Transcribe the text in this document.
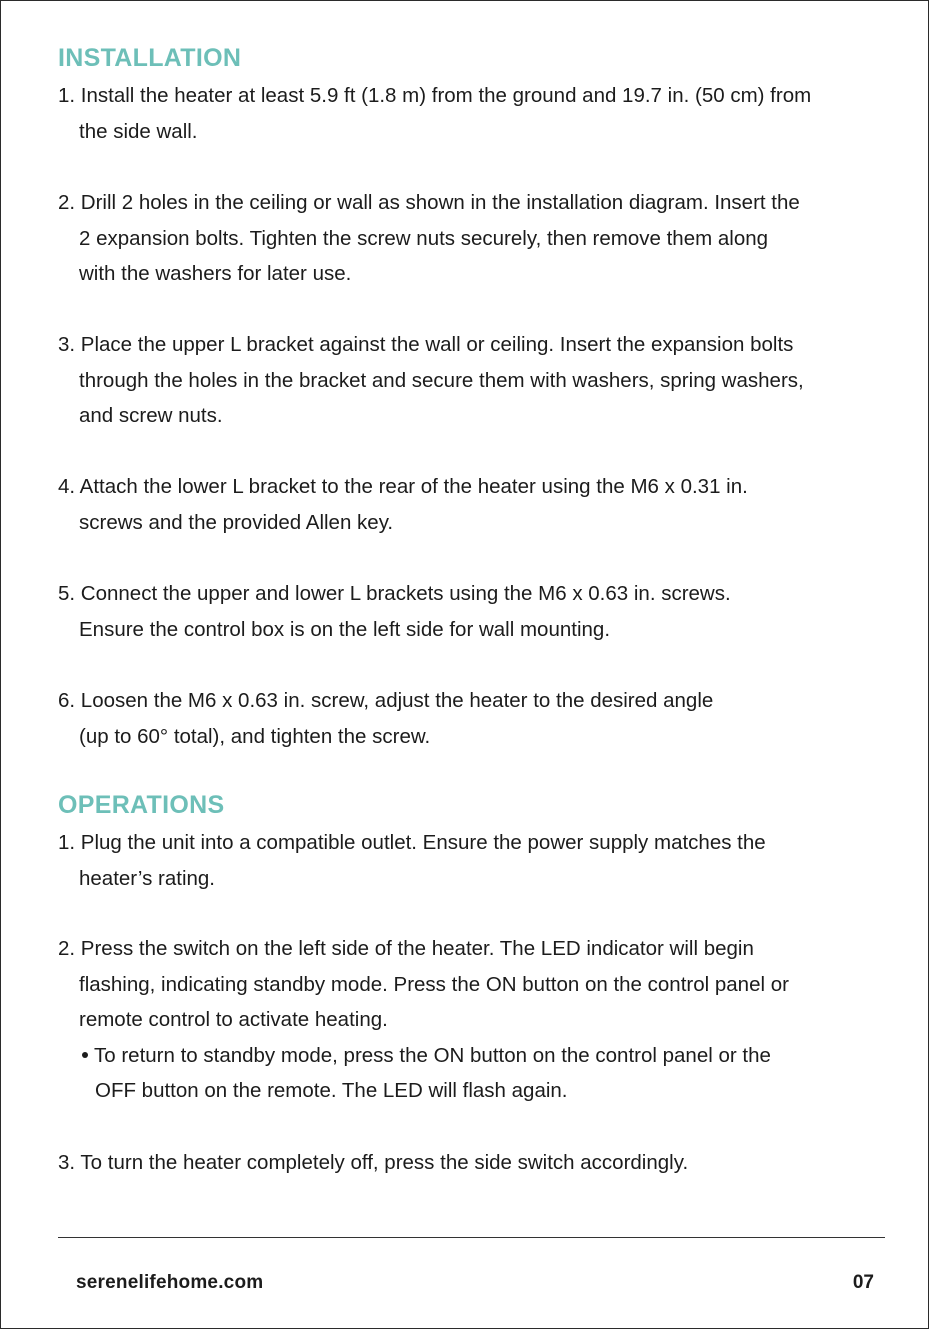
INSTALLATION

1. Install the heater at least 5.9 ft (1.8 m) from the ground and 19.7 in. (50 cm) from
the side wall.

2. Drill 2 holes in the ceiling or wall as shown in the installation diagram. Insert the
2 expansion bolts. Tighten the screw nuts securely, then remove them along
with the washers for later use.

3. Place the upper L bracket against the wall or ceiling. Insert the expansion bolts
through the holes in the bracket and secure them with washers, spring washers,
and screw nuts.

4. Attach the lower L bracket to the rear of the heater using the M6 x 0.31 in.
screws and the provided Allen key.

5. Connect the upper and lower L brackets using the M6 x 0.63 in. screws.
Ensure the control box is on the left side for wall mounting.

6. Loosen the M6 x 0.63 in. screw, adjust the heater to the desired angle
(up to 60° total), and tighten the screw.

OPERATIONS

1. Plug the unit into a compatible outlet. Ensure the power supply matches the
heater’s rating.

2. Press the switch on the left side of the heater. The LED indicator will begin
flashing, indicating standby mode. Press the ON button on the control panel or
remote control to activate heating.
To return to standby mode, press the ON button on the control panel or the
OFF button on the remote. The LED will flash again.

3. To turn the heater completely off, press the side switch accordingly.

serenelifehome.com	07
